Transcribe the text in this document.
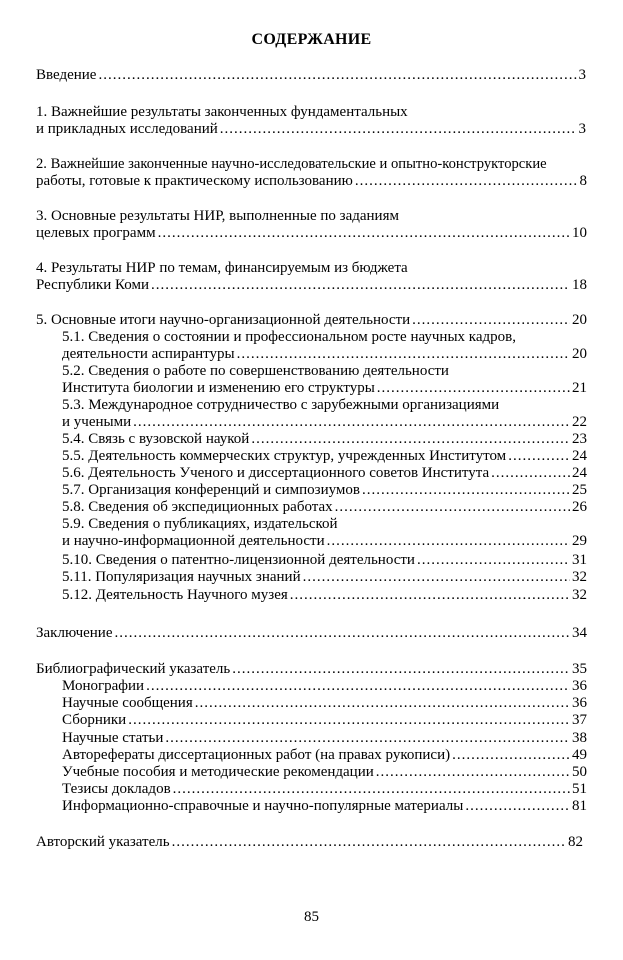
СОДЕРЖАНИЕ
Введение .....	3
1. Важнейшие результаты законченных фундаментальных
и прикладных исследований .....	3
2. Важнейшие законченные научно-исследовательские и опытно-конструкторские
работы, готовые к практическому использованию .....	8
3. Основные результаты НИР, выполненные по заданиям
целевых программ .....	10
4. Результаты НИР по темам, финансируемым из бюджета
Республики Коми .....	18
5. Основные итоги научно-организационной деятельности .....	20
5.1. Сведения о состоянии и профессиональном росте научных кадров,
деятельности аспирантуры .....	20
5.2. Сведения о работе по совершенствованию деятельности
Института биологии и изменению его структуры .....	21
5.3. Международное сотрудничество с зарубежными организациями
и учеными .....	22
5.4. Связь с вузовской наукой .....	23
5.5. Деятельность коммерческих структур, учрежденных Институтом .....	24
5.6. Деятельность Ученого и диссертационного советов Института .....	24
5.7. Организация конференций и симпозиумов .....	25
5.8. Сведения об экспедиционных работах .....	26
5.9. Сведения о публикациях, издательской
и научно-информационной деятельности .....	29
5.10. Сведения о патентно-лицензионной деятельности .....	31
5.11. Популяризация научных знаний .....	32
5.12. Деятельность Научного музея .....	32
Заключение .....	34
Библиографический указатель .....	35
Монографии .....	36
Научные сообщения .....	36
Сборники .....	37
Научные статьи .....	38
Авторефераты диссертационных работ (на правах рукописи) .....	49
Учебные пособия и методические рекомендации .....	50
Тезисы докладов .....	51
Информационно-справочные и научно-популярные материалы .....	81
Авторский указатель .....	82
85
